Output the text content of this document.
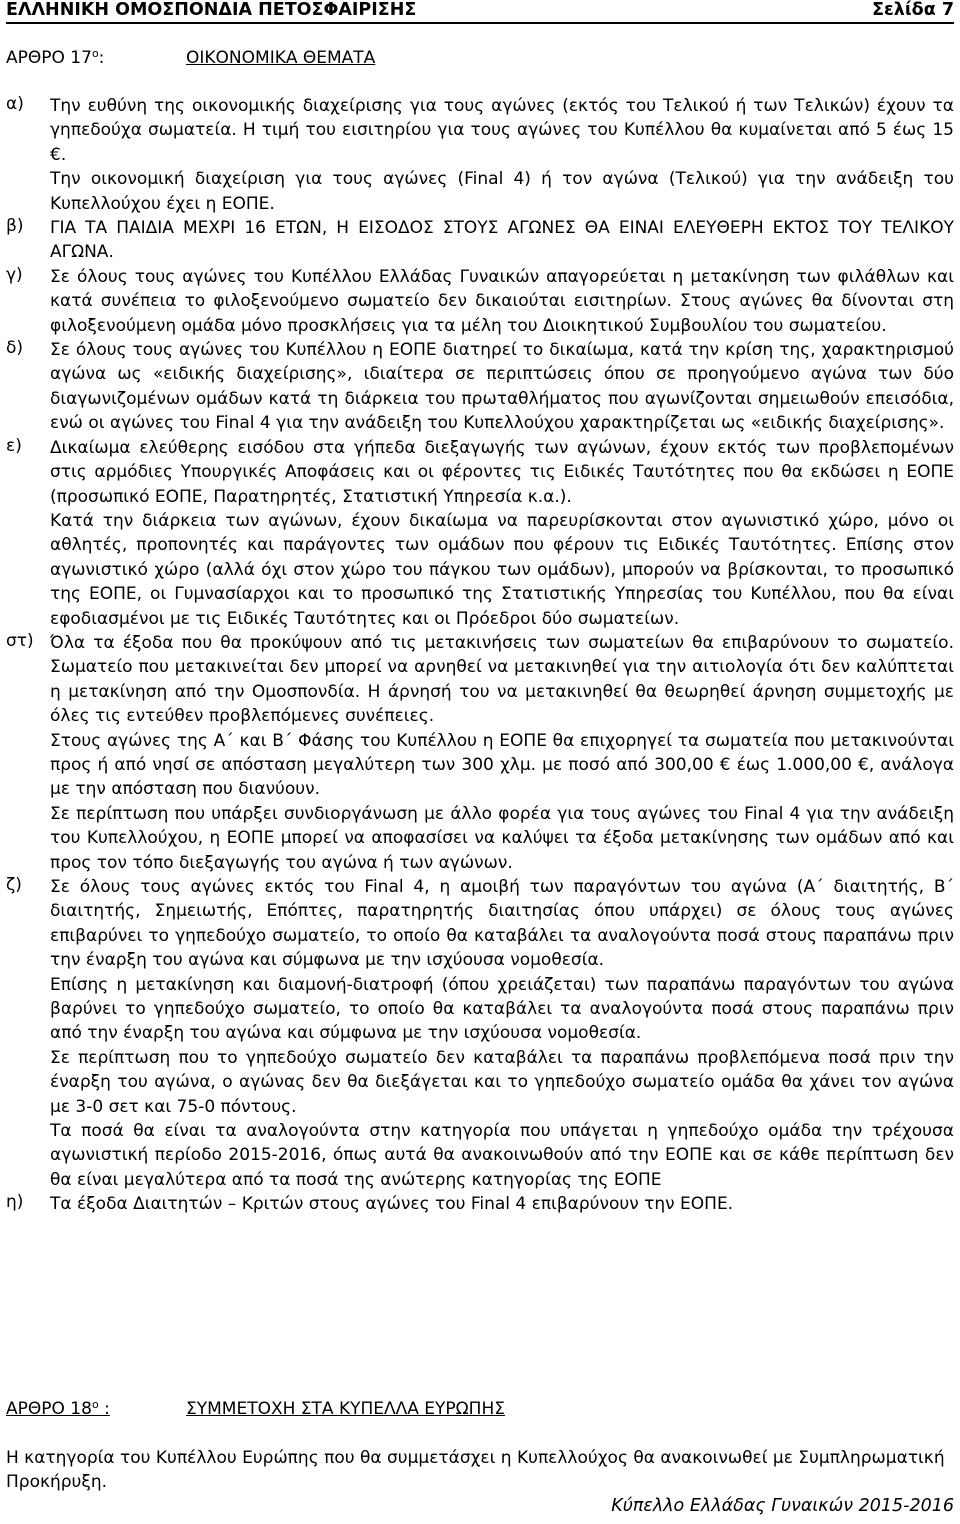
ΕΛΛΗΝΙΚΗ ΟΜΟΣΠΟΝΔΙΑ ΠΕΤΟΣΦΑΙΡΙΣΗΣ	Σελίδα 7
ΑΡΘΡΟ $17^o$:	ΟΙΚΟΝΟΜΙΚΑ ΘΕΜΑΤΑ
α) Την ευθύνη της οικονομικής διαχείρισης για τους αγώνες (εκτός του Τελικού ή των Τελικών) έχουν τα γηπεδούχα σωματεία. Η τιμή του εισιτηρίου για τους αγώνες του Κυπέλλου θα κυμαίνεται από 5 έως 15 €.

Την οικονομική διαχείριση για τους αγώνες (Final 4) ή τον αγώνα (Τελικού) για την ανάδειξη του Κυπελλούχου έχει η ΕΟΠΕ.

β) ΓΙΑ ΤΑ ΠΑΙΔΙΑ ΜΕΧΡΙ 16 ΕΤΩΝ, Η ΕΙΣΟΔΟΣ ΣΤΟΥΣ ΑΓΩΝΕΣ ΘΑ ΕΙΝΑΙ ΕΛΕΥΘΕΡΗ ΕΚΤΟΣ ΤΟΥ ΤΕΛΙΚΟΥ ΑΓΩΝΑ.

γ) Σε όλους τους αγώνες του Κυπέλλου Ελλάδας Γυναικών απαγορεύεται η μετακίνηση των φιλάθλων και κατά συνέπεια το φιλοξενούμενο σωματείο δεν δικαιούται εισιτηρίων. Στους αγώνες θα δίνονται στη φιλοξενούμενη ομάδα μόνο προσκλήσεις για τα μέλη του Διοικητικού Συμβουλίου του σωματείου.

δ) Σε όλους τους αγώνες του Κυπέλλου η ΕΟΠΕ διατηρεί το δικαίωμα, κατά την κρίση της, χαρακτηρισμού αγώνα ως «ειδικής διαχείρισης», ιδιαίτερα σε περιπτώσεις όπου σε προηγούμενο αγώνα των δύο διαγωνιζομένων ομάδων κατά τη διάρκεια του πρωταθλήματος που αγωνίζονται σημειωθούν επεισόδια, ενώ οι αγώνες του Final 4 για την ανάδειξη του Κυπελλούχου χαρακτηρίζεται ως «ειδικής διαχείρισης».

ε) Δικαίωμα ελεύθερης εισόδου στα γήπεδα διεξαγωγής των αγώνων, έχουν εκτός των προβλεπομένων στις αρμόδιες Υπουργικές Αποφάσεις και οι φέροντες τις Ειδικές Ταυτότητες που θα εκδώσει η ΕΟΠΕ (προσωπικό ΕΟΠΕ, Παρατηρητές, Στατιστική Υπηρεσία κ.α.).

Κατά την διάρκεια των αγώνων, έχουν δικαίωμα να παρευρίσκονται στον αγωνιστικό χώρο, μόνο οι αθλητές, προπονητές και παράγοντες των ομάδων που φέρουν τις Ειδικές Ταυτότητες. Επίσης στον αγωνιστικό χώρο (αλλά όχι στον χώρο του πάγκου των ομάδων), μπορούν να βρίσκονται, το προσωπικό της ΕΟΠΕ, οι Γυμνασίαρχοι και το προσωπικό της Στατιστικής Υπηρεσίας του Κυπέλλου, που θα είναι εφοδιασμένοι με τις Ειδικές Ταυτότητες και οι Πρόεδροι δύο σωματείων.

στ) Όλα τα έξοδα που θα προκύψουν από τις μετακινήσεις των σωματείων θα επιβαρύνουν το σωματείο. Σωματείο που μετακινείται δεν μπορεί να αρνηθεί να μετακινηθεί για την αιτιολογία ότι δεν καλύπτεται η μετακίνηση από την Ομοσπονδία. Η άρνησή του να μετακινηθεί θα θεωρηθεί άρνηση συμμετοχής με όλες τις εντεύθεν προβλεπόμενες συνέπειες.

Στους αγώνες της Α΄ και Β΄ Φάσης του Κυπέλλου η ΕΟΠΕ θα επιχορηγεί τα σωματεία που μετακινούνται προς ή από νησί σε απόσταση μεγαλύτερη των 300 χλμ. με ποσό από 300,00 € έως 1.000,00 €, ανάλογα με την απόσταση που διανύουν.

Σε περίπτωση που υπάρξει συνδιοργάνωση με άλλο φορέα για τους αγώνες του Final 4 για την ανάδειξη του Κυπελλούχου, η ΕΟΠΕ μπορεί να αποφασίσει να καλύψει τα έξοδα μετακίνησης των ομάδων από και προς τον τόπο διεξαγωγής του αγώνα ή των αγώνων.

ζ) Σε όλους τους αγώνες εκτός του Final 4, η αμοιβή των παραγόντων του αγώνα (Α΄ διαιτητής, Β΄ διαιτητής, Σημειωτής, Επόπτες, παρατηρητής διαιτησίας όπου υπάρχει) σε όλους τους αγώνες επιβαρύνει το γηπεδούχο σωματείο, το οποίο θα καταβάλει τα αναλογούντα ποσά στους παραπάνω πριν την έναρξη του αγώνα και σύμφωνα με την ισχύουσα νομοθεσία.

Επίσης η μετακίνηση και διαμονή-διατροφή (όπου χρειάζεται) των παραπάνω παραγόντων του αγώνα βαρύνει το γηπεδούχο σωματείο, το οποίο θα καταβάλει τα αναλογούντα ποσά στους παραπάνω πριν από την έναρξη του αγώνα και σύμφωνα με την ισχύουσα νομοθεσία.

Σε περίπτωση που το γηπεδούχο σωματείο δεν καταβάλει τα παραπάνω προβλεπόμενα ποσά πριν την έναρξη του αγώνα, ο αγώνας δεν θα διεξάγεται και το γηπεδούχο σωματείο ομάδα θα χάνει τον αγώνα με 3-0 σετ και 75-0 πόντους.

Τα ποσά θα είναι τα αναλογούντα στην κατηγορία που υπάγεται η γηπεδούχο ομάδα την τρέχουσα αγωνιστική περίοδο 2015-2016, όπως αυτά θα ανακοινωθούν από την ΕΟΠΕ και σε κάθε περίπτωση δεν θα είναι μεγαλύτερα από τα ποσά της ανώτερης κατηγορίας της ΕΟΠΕ

η) Τα έξοδα Διαιτητών – Κριτών στους αγώνες του Final 4 επιβαρύνουν την ΕΟΠΕ.

ΑΡΘΡΟ $18^o$ :	ΣΥΜΜΕΤΟΧΗ ΣΤΑ ΚΥΠΕΛΛΑ ΕΥΡΩΠΗΣ

Η κατηγορία του Κυπέλλου Ευρώπης που θα συμμετάσχει η Κυπελλούχος θα ανακοινωθεί με Συμπληρωματική Προκήρυξη.

Κύπελλο Ελλάδας Γυναικών 2015-2016
